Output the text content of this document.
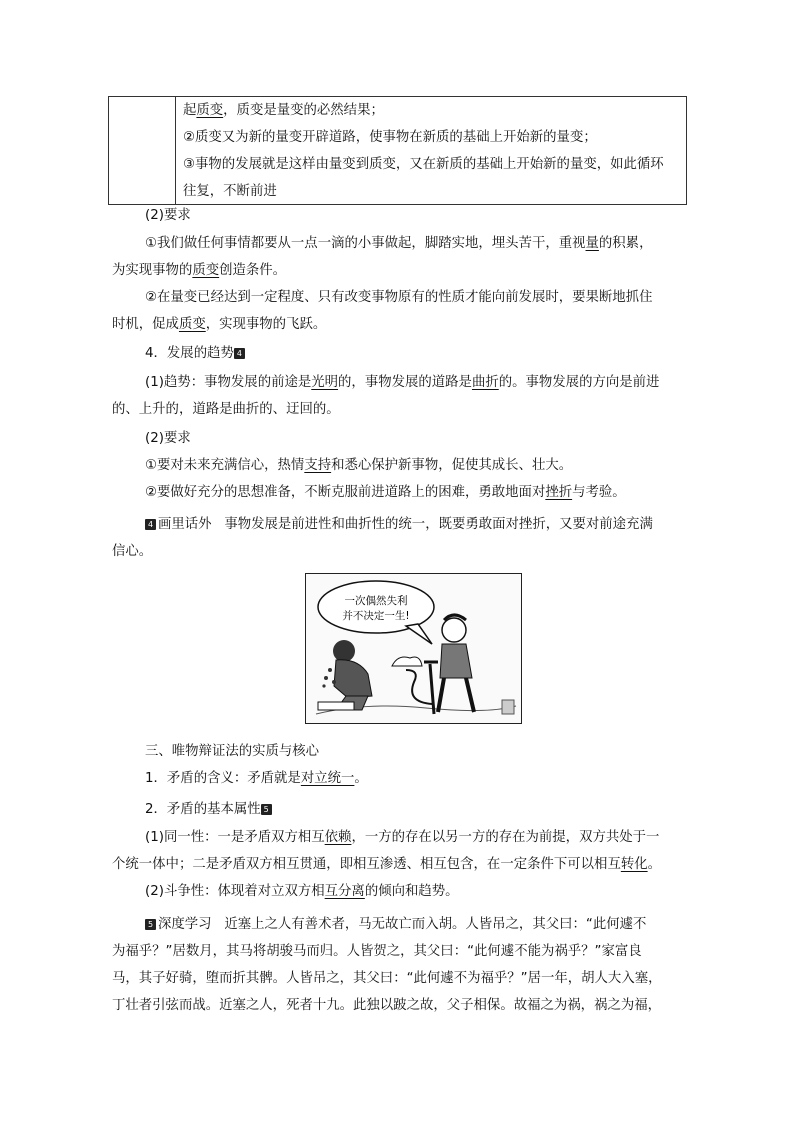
起质变，质变是量变的必然结果；
②质变又为新的量变开辟道路，使事物在新质的基础上开始新的量变；
③事物的发展就是这样由量变到质变，又在新质的基础上开始新的量变，如此循环
往复，不断前进
(2)要求
①我们做任何事情都要从一点一滴的小事做起，脚踏实地，埋头苦干，重视量的积累，
为实现事物的质变创造条件。
②在量变已经达到一定程度、只有改变事物原有的性质才能向前发展时，要果断地抓住
时机，促成质变，实现事物的飞跃。
4．发展的趋势 4
(1)趋势：事物发展的前途是光明的，事物发展的道路是曲折的。事物发展的方向是前进
的、上升的，道路是曲折的、迂回的。
(2)要求
①要对未来充满信心，热情支持和悉心保护新事物，促使其成长、壮大。
②要做好充分的思想准备，不断克服前进道路上的困难，勇敢地面对挫折与考验。
4 画里话外 事物发展是前进性和曲折性的统一，既要勇敢面对挫折，又要对前途充满
信心。
一次偶然失利
并不决定一生!
三、唯物辩证法的实质与核心
1．矛盾的含义：矛盾就是对立统一。
2．矛盾的基本属性 5
(1)同一性：一是矛盾双方相互依赖，一方的存在以另一方的存在为前提，双方共处于一
个统一体中；二是矛盾双方相互贯通，即相互渗透、相互包含，在一定条件下可以相互转化。
(2)斗争性：体现着对立双方相互分离的倾向和趋势。
5 深度学习 近塞上之人有善术者，马无故亡而入胡。人皆吊之，其父曰：“此何遽不
为福乎？”居数月，其马将胡骏马而归。人皆贺之，其父曰：“此何遽不能为祸乎？”家富良
马，其子好骑，堕而折其髀。人皆吊之，其父曰：“此何遽不为福乎？”居一年，胡人大入塞，
丁壮者引弦而战。近塞之人，死者十九。此独以跛之故，父子相保。故福之为祸，祸之为福，
